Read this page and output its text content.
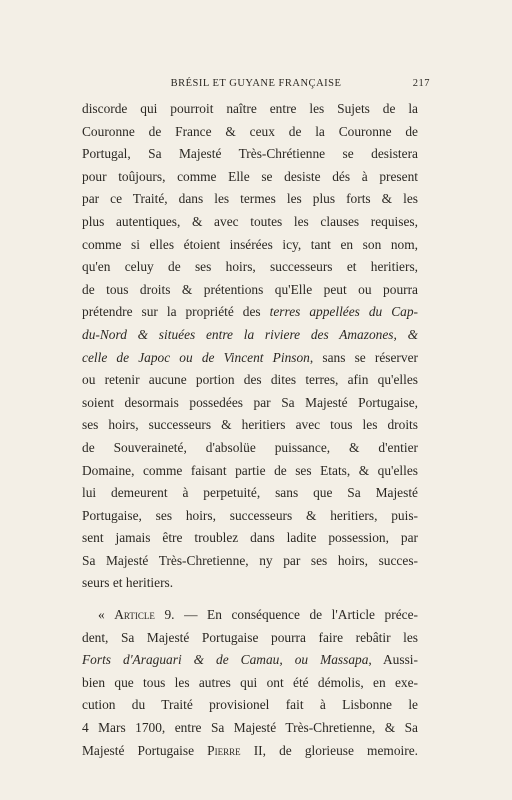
BRÉSIL ET GUYANE FRANÇAISE	217
discorde qui pourroit naître entre les Sujets de la
Couronne de France & ceux de la Couronne de
Portugal, Sa Majesté Très-Chrétienne se desistera
pour toûjours, comme Elle se desiste dés à present
par ce Traité, dans les termes les plus forts & les
plus autentiques, & avec toutes les clauses requises,
comme si elles étoient insérées icy, tant en son nom,
qu'en celuy de ses hoirs, successeurs et heritiers,
de tous droits & prétentions qu'Elle peut ou pourra
prétendre sur la propriété des terres appellées du Cap-
du-Nord & situées entre la riviere des Amazones, &
celle de Japoc ou de Vincent Pinson, sans se réserver
ou retenir aucune portion des dites terres, afin qu'elles
soient desormais possedées par Sa Majesté Portugaise,
ses hoirs, successeurs & heritiers avec tous les droits
de Souveraineté, d'absolüe puissance, & d'entier
Domaine, comme faisant partie de ses Etats, & qu'elles
lui demeurent à perpetuité, sans que Sa Majesté
Portugaise, ses hoirs, successeurs & heritiers, puis-
sent jamais être troublez dans ladite possession, par
Sa Majesté Très-Chretienne, ny par ses hoirs, succes-
seurs et heritiers.
« Article 9. — En conséquence de l'Article préce-
dent, Sa Majesté Portugaise pourra faire rebâtir les
Forts d'Araguari & de Camau, ou Massapa, Aussi-
bien que tous les autres qui ont été démolis, en exe-
cution du Traité provisionel fait à Lisbonne le
4 Mars 1700, entre Sa Majesté Très-Chretienne, & Sa
Majesté Portugaise Pierre II, de glorieuse memoire.
